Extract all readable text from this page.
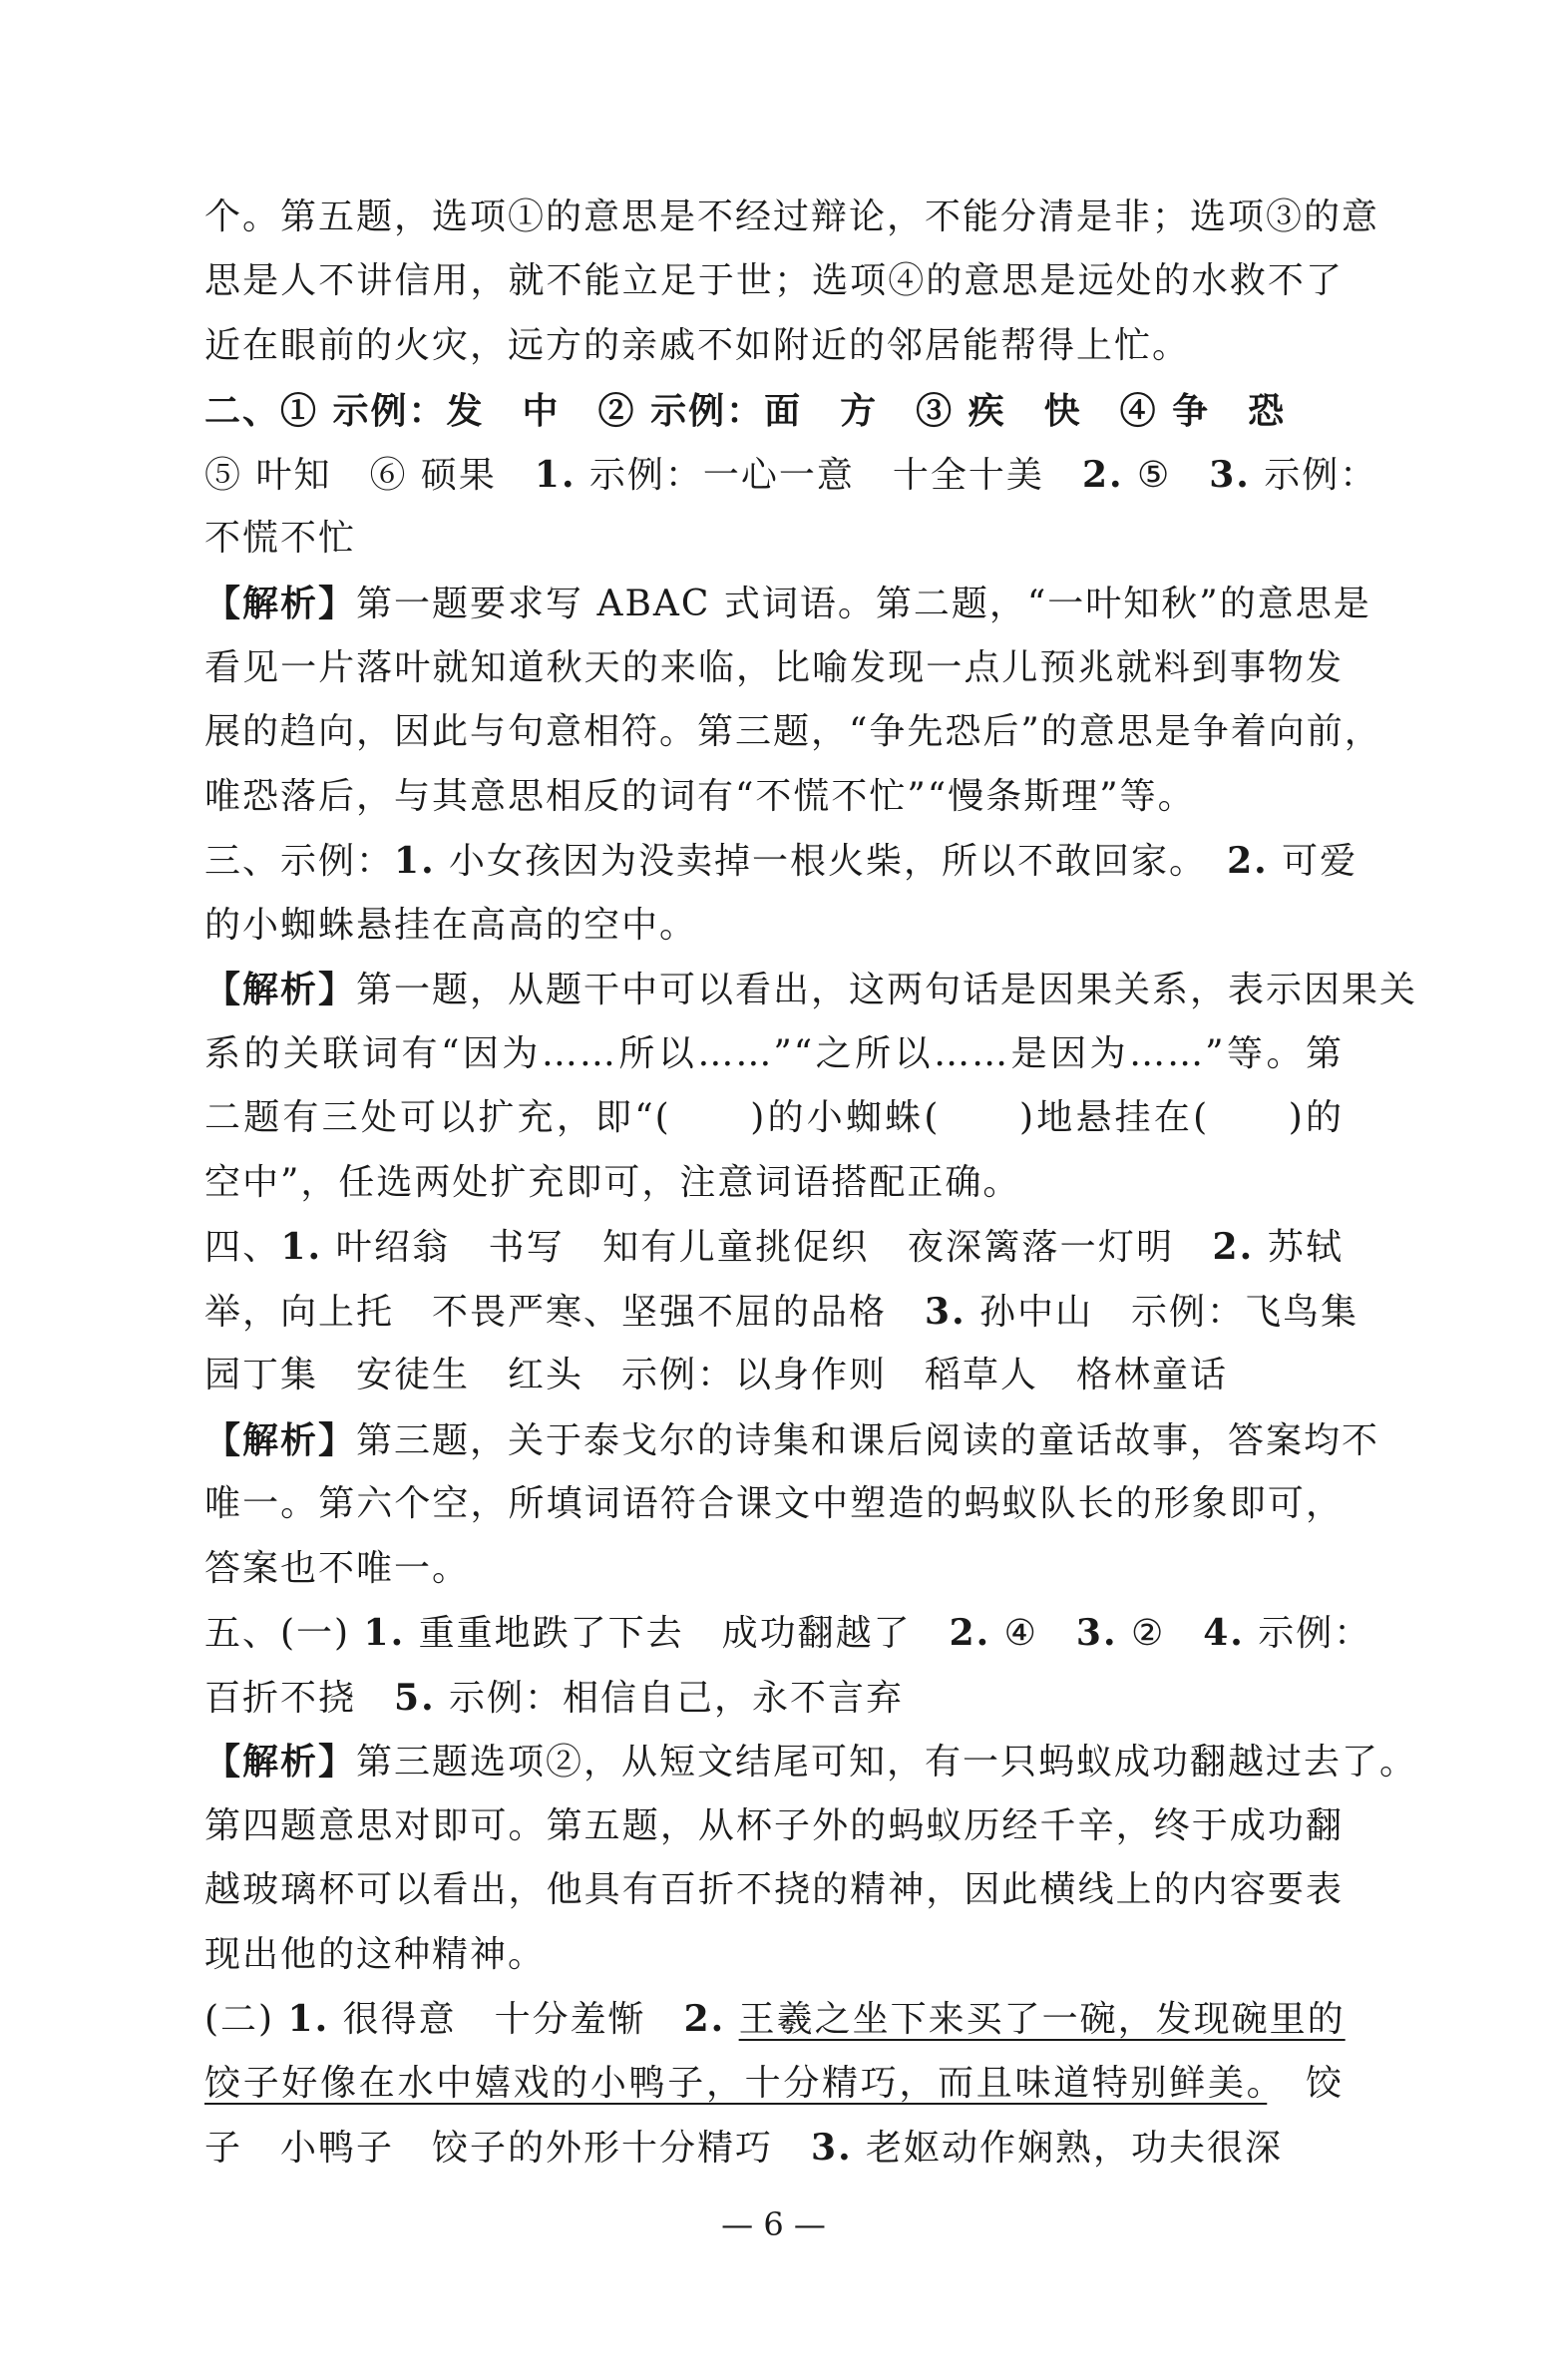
个。第五题，选项①的意思是不经过辩论，不能分清是非；选项③的意
思是人不讲信用，就不能立足于世；选项④的意思是远处的水救不了
近在眼前的火灾，远方的亲戚不如附近的邻居能帮得上忙。
二、① 示例：发　中　② 示例：面　方　③ 疾　快　④ 争　恐
⑤ 叶知　⑥ 硕果　1. 示例：一心一意　十全十美　2. ⑤　3. 示例：
不慌不忙
【解析】第一题要求写 ABAC 式词语。第二题，“一叶知秋”的意思是
看见一片落叶就知道秋天的来临，比喻发现一点儿预兆就料到事物发
展的趋向，因此与句意相符。第三题，“争先恐后”的意思是争着向前，
唯恐落后，与其意思相反的词有“不慌不忙”“慢条斯理”等。
三、示例：1. 小女孩因为没卖掉一根火柴，所以不敢回家。　2. 可爱
的小蜘蛛悬挂在高高的空中。
【解析】第一题，从题干中可以看出，这两句话是因果关系，表示因果关
系的关联词有“因为……所以……”“之所以……是因为……”等。第
二题有三处可以扩充，即“(　　)的小蜘蛛(　　)地悬挂在(　　)的
空中”，任选两处扩充即可，注意词语搭配正确。
四、1. 叶绍翁　书写　知有儿童挑促织　夜深篱落一灯明　2. 苏轼
举，向上托　不畏严寒、坚强不屈的品格　3. 孙中山　示例：飞鸟集
园丁集　安徒生　红头　示例：以身作则　稻草人　格林童话
【解析】第三题，关于泰戈尔的诗集和课后阅读的童话故事，答案均不
唯一。第六个空，所填词语符合课文中塑造的蚂蚁队长的形象即可，
答案也不唯一。
五、(一) 1. 重重地跌了下去　成功翻越了　2. ④　3. ②　4. 示例：
百折不挠　5. 示例：相信自己，永不言弃
【解析】第三题选项②，从短文结尾可知，有一只蚂蚁成功翻越过去了。
第四题意思对即可。第五题，从杯子外的蚂蚁历经千辛，终于成功翻
越玻璃杯可以看出，他具有百折不挠的精神，因此横线上的内容要表
现出他的这种精神。
(二) 1. 很得意　十分羞惭　2. 王羲之坐下来买了一碗，发现碗里的
饺子好像在水中嬉戏的小鸭子，十分精巧，而且味道特别鲜美。　饺
子　小鸭子　饺子的外形十分精巧　3. 老妪动作娴熟，功夫很深
— 6 —
